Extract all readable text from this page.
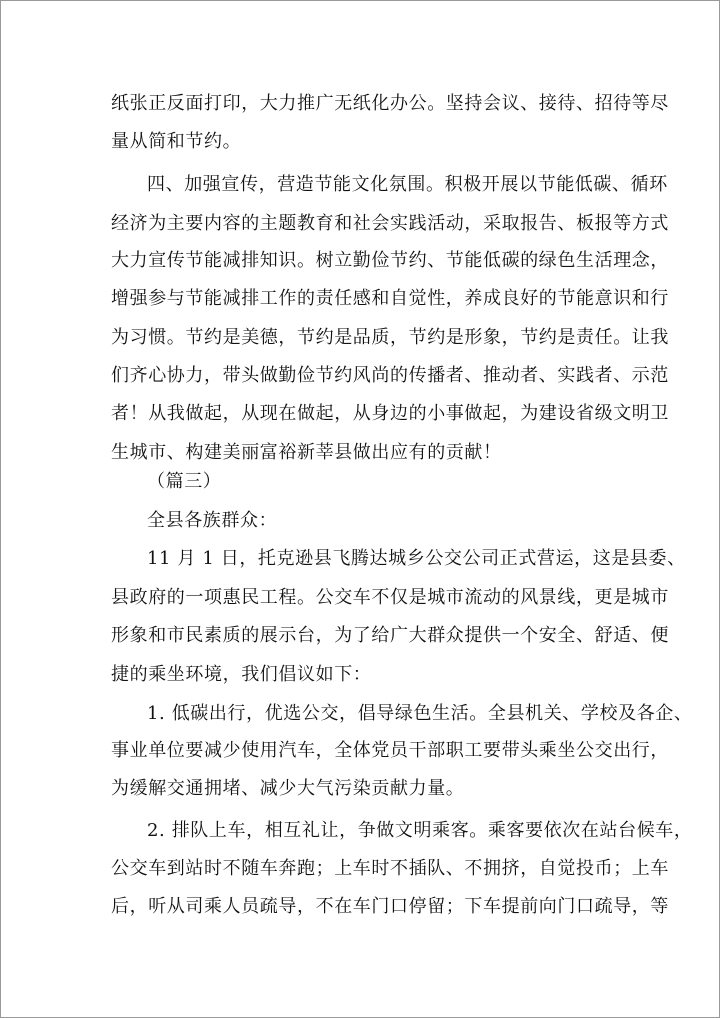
纸张正反面打印，大力推广无纸化办公。坚持会议、接待、招待等尽
量从简和节约。
四、加强宣传，营造节能文化氛围。积极开展以节能低碳、循环
经济为主要内容的主题教育和社会实践活动，采取报告、板报等方式
大力宣传节能减排知识。树立勤俭节约、节能低碳的绿色生活理念，
增强参与节能减排工作的责任感和自觉性，养成良好的节能意识和行
为习惯。节约是美德，节约是品质，节约是形象，节约是责任。让我
们齐心协力，带头做勤俭节约风尚的传播者、推动者、实践者、示范
者！从我做起，从现在做起，从身边的小事做起，为建设省级文明卫
生城市、构建美丽富裕新莘县做出应有的贡献！
（篇三）
全县各族群众：
11 月 1 日，托克逊县飞腾达城乡公交公司正式营运，这是县委、
县政府的一项惠民工程。公交车不仅是城市流动的风景线，更是城市
形象和市民素质的展示台，为了给广大群众提供一个安全、舒适、便
捷的乘坐环境，我们倡议如下：
1. 低碳出行，优选公交，倡导绿色生活。全县机关、学校及各企、
事业单位要减少使用汽车，全体党员干部职工要带头乘坐公交出行，
为缓解交通拥堵、减少大气污染贡献力量。
2. 排队上车，相互礼让，争做文明乘客。乘客要依次在站台候车，
公交车到站时不随车奔跑；上车时不插队、不拥挤，自觉投币；上车
后，听从司乘人员疏导，不在车门口停留；下车提前向门口疏导，等
